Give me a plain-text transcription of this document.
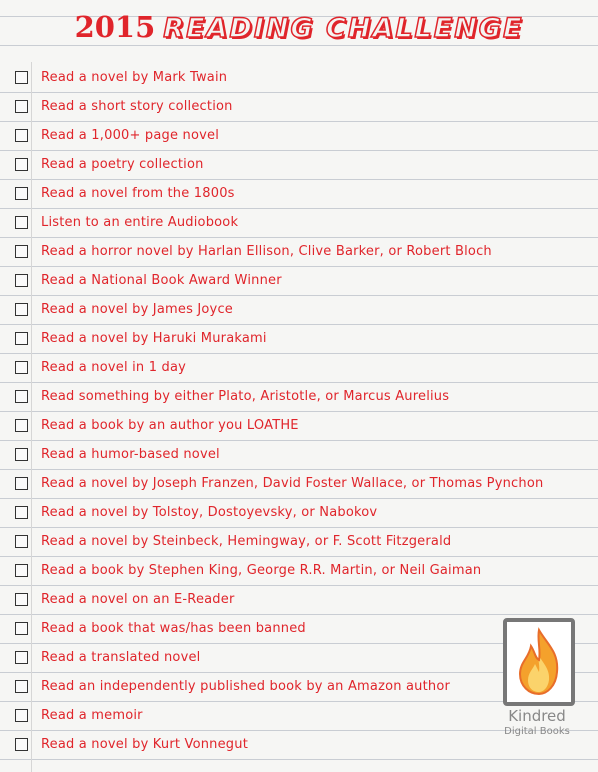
2015 READING CHALLENGE
Read a novel by Mark Twain
Read a short story collection
Read a 1,000+ page novel
Read a poetry collection
Read a novel from the 1800s
Listen to an entire Audiobook
Read a horror novel by Harlan Ellison, Clive Barker, or Robert Bloch
Read a National Book Award Winner
Read a novel by James Joyce
Read a novel by Haruki Murakami
Read a novel in 1 day
Read something by either Plato, Aristotle, or Marcus Aurelius
Read a book by an author you LOATHE
Read a humor-based novel
Read a novel by Joseph Franzen, David Foster Wallace, or Thomas Pynchon
Read a novel by Tolstoy, Dostoyevsky, or Nabokov
Read a novel by Steinbeck, Hemingway, or F. Scott Fitzgerald
Read a book by Stephen King, George R.R. Martin, or Neil Gaiman
Read a novel on an E-Reader
Read a book that was/has been banned
Read a translated novel
Read an independently published book by an Amazon author
Read a memoir
Read a novel by Kurt Vonnegut
Kindred
Digital Books
